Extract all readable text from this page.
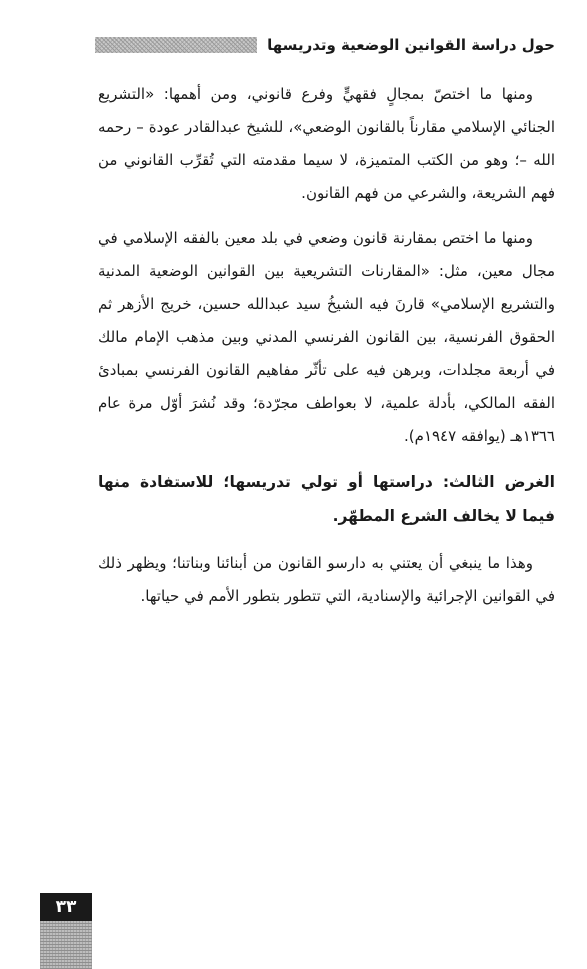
حول دراسة القوانين الوضعية وتدريسها

ومنها ما اختصّ بمجالٍ فقهيٍّ وفرع قانوني، ومن أهمها: «التشريع الجنائي الإسلامي مقارناً بالقانون الوضعي»، للشيخ عبدالقادر عودة – رحمه الله –؛ وهو من الكتب المتميزة، لا سيما مقدمته التي تُقرِّب القانوني من فهم الشريعة، والشرعي من فهم القانون.

ومنها ما اختص بمقارنة قانون وضعي في بلد معين بالفقه الإسلامي في مجال معين، مثل: «المقارنات التشريعية بين القوانين الوضعية المدنية والتشريع الإسلامي» قارنَ فيه الشيخُ سيد عبدالله حسين، خريج الأزهر ثم الحقوق الفرنسية، بين القانون الفرنسي المدني وبين مذهب الإمام مالك في أربعة مجلدات، وبرهن فيه على تأثّر مفاهيم القانون الفرنسي بمبادئ الفقه المالكي، بأدلة علمية، لا بعواطف مجرّدة؛ وقد نُشرَ أوّل مرة عام ١٣٦٦هـ (يوافقه ١٩٤٧م).

الغرض الثالث: دراستها أو تولي تدريسها؛ للاستفادة منها فيما لا يخالف الشرع المطهّر.

وهذا ما ينبغي أن يعتني به دارسو القانون من أبنائنا وبناتنا؛ ويظهر ذلك في القوانين الإجرائية والإسنادية، التي تتطور بتطور الأمم في حياتها.

٣٣
